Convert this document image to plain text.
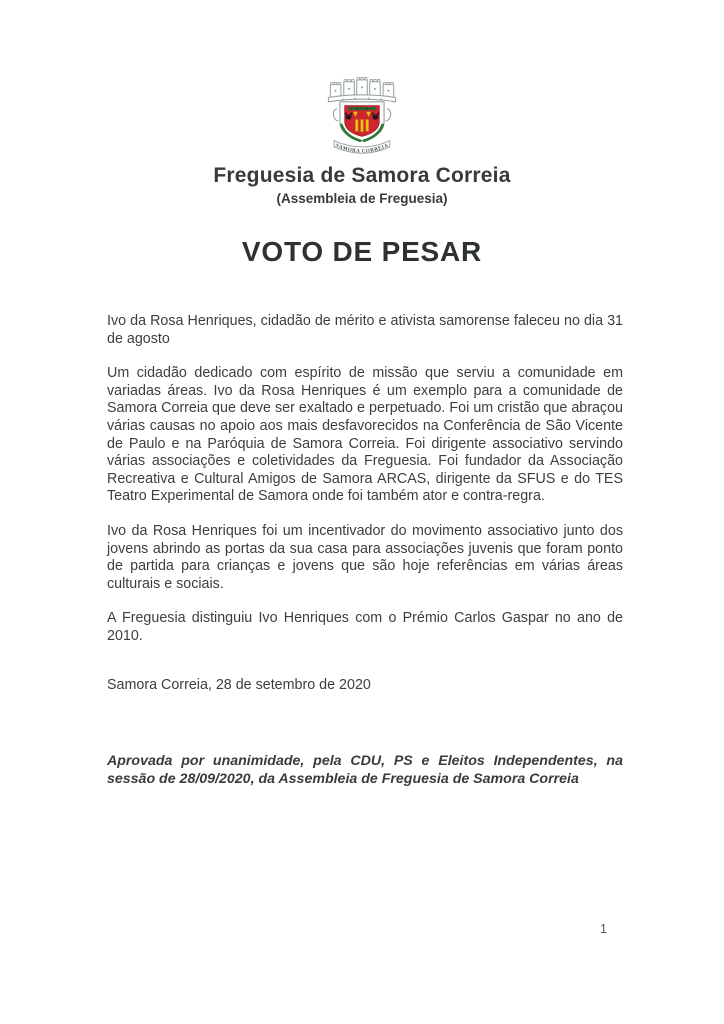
SAMORA CORREIA
Freguesia de Samora Correia
(Assembleia de Freguesia)
VOTO DE PESAR

Ivo da Rosa Henriques, cidadão de mérito e ativista samorense faleceu no dia 31 de agosto

Um cidadão dedicado com espírito de missão que serviu a comunidade em variadas áreas. Ivo da Rosa Henriques é um exemplo para a comunidade de Samora Correia que deve ser exaltado e perpetuado. Foi um cristão que abraçou várias causas no apoio aos mais desfavorecidos na Conferência de São Vicente de Paulo e na Paróquia de Samora Correia. Foi dirigente associativo servindo várias associações e coletividades da Freguesia. Foi fundador da Associação Recreativa e Cultural Amigos de Samora ARCAS, dirigente da SFUS e do TES Teatro Experimental de Samora onde foi também ator e contra-regra.

Ivo da Rosa Henriques foi um incentivador do movimento associativo junto dos jovens abrindo as portas da sua casa para associações juvenis que foram ponto de partida para crianças e jovens que são hoje referências em várias áreas culturais e sociais.

A Freguesia distinguiu Ivo Henriques com o Prémio Carlos Gaspar no ano de 2010.

Samora Correia, 28 de setembro de 2020

Aprovada por unanimidade, pela CDU, PS e Eleitos Independentes, na sessão de 28/09/2020, da Assembleia de Freguesia de Samora Correia

1
